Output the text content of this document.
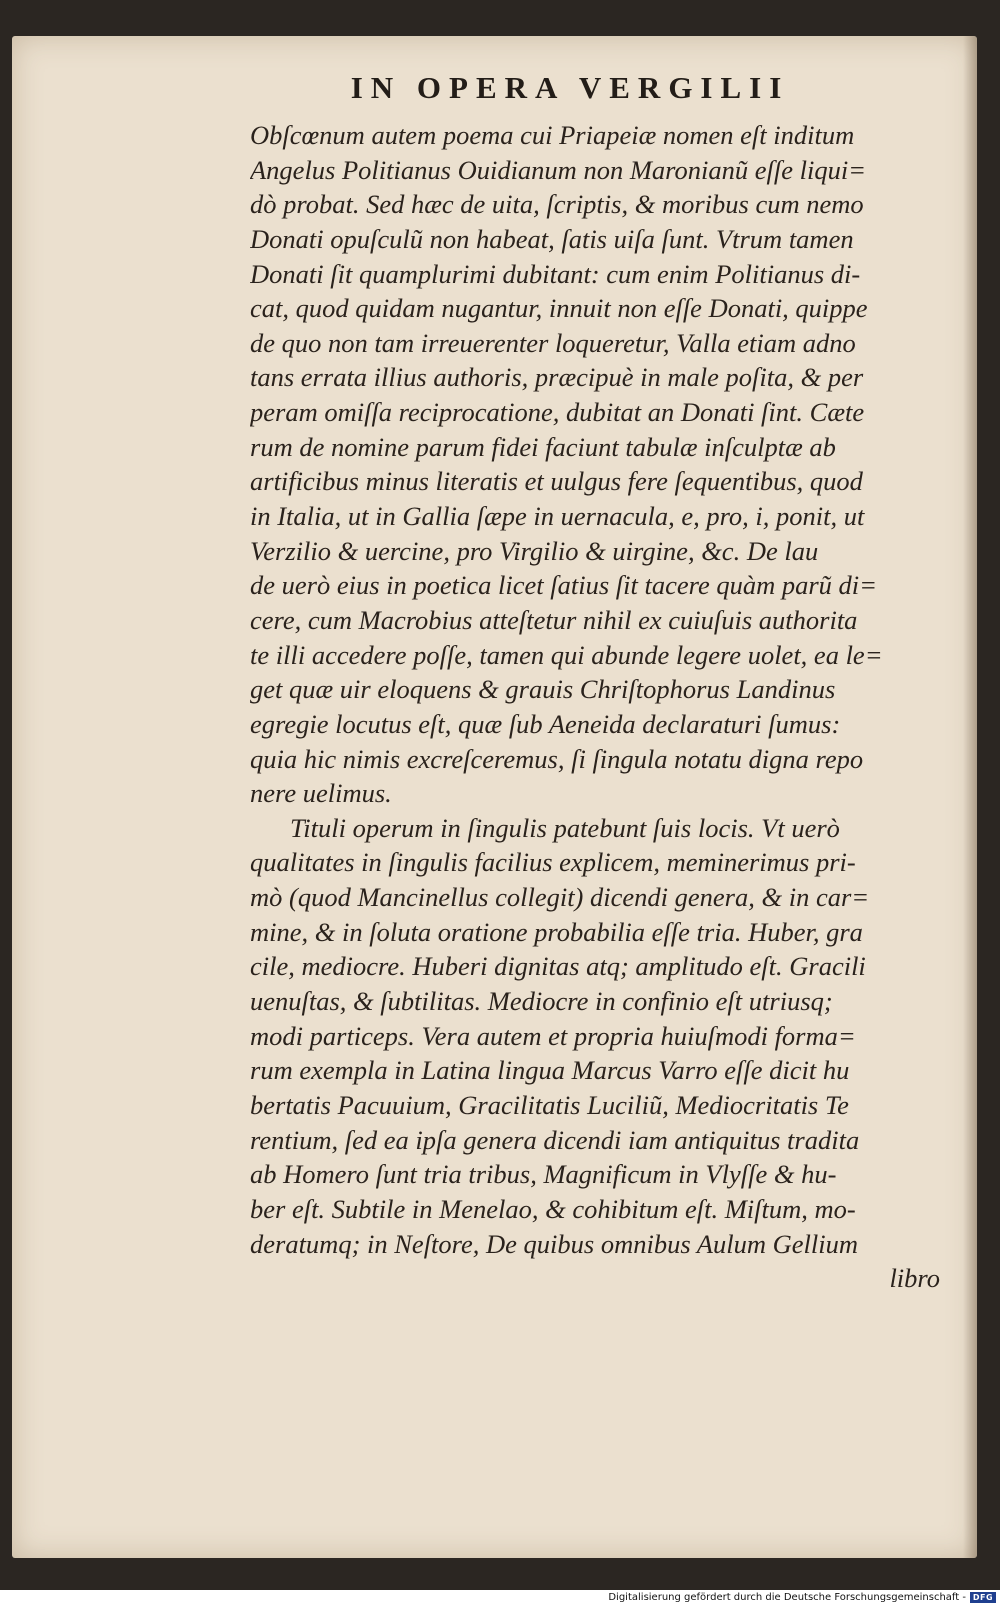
IN OPERA VERGILII
Obſcœnum autem poema cui Priapeiæ nomen eſt inditum
Angelus Politianus Ouidianum non Maronianũ eſſe liqui=
dò probat. Sed hæc de uita, ſcriptis, & moribus cum nemo
Donati opuſculũ non habeat, ſatis uiſa ſunt. Vtrum tamen
Donati ſit quamplurimi dubitant: cum enim Politianus di-
cat, quod quidam nugantur, innuit non eſſe Donati, quippe
de quo non tam irreuerenter loqueretur, Valla etiam adno
tans errata illius authoris, præcipuè in male poſita, & per
peram omiſſa reciprocatione, dubitat an Donati ſint. Cæte
rum de nomine parum fidei faciunt tabulæ inſculptæ ab
artificibus minus literatis et uulgus fere ſequentibus, quod
in Italia, ut in Gallia ſæpe in uernacula, e, pro, i, ponit, ut
Verzilio & uercine, pro Virgilio & uirgine, &c. De lau
de uerò eius in poetica licet ſatius ſit tacere quàm parũ di=
cere, cum Macrobius atteſtetur nihil ex cuiuſuis authorita
te illi accedere poſſe, tamen qui abunde legere uolet, ea le=
get quæ uir eloquens & grauis Chriſtophorus Landinus
egregie locutus eſt, quæ ſub Aeneida declaraturi ſumus:
quia hic nimis excreſceremus, ſi ſingula notatu digna repo
nere uelimus.
Tituli operum in ſingulis patebunt ſuis locis. Vt uerò
qualitates in ſingulis facilius explicem, meminerimus pri-
mò (quod Mancinellus collegit) dicendi genera, & in car=
mine, & in ſoluta oratione probabilia eſſe tria. Huber, gra
cile, mediocre. Huberi dignitas atq; amplitudo eſt. Gracili
uenuſtas, & ſubtilitas. Mediocre in confinio eſt utriusq;
modi particeps. Vera autem et propria huiuſmodi forma=
rum exempla in Latina lingua Marcus Varro eſſe dicit hu
bertatis Pacuuium, Gracilitatis Luciliũ, Mediocritatis Te
rentium, ſed ea ipſa genera dicendi iam antiquitus tradita
ab Homero ſunt tria tribus, Magnificum in Vlyſſe & hu-
ber eſt. Subtile in Menelao, & cohibitum eſt. Miſtum, mo-
deratumq; in Neſtore, De quibus omnibus Aulum Gellium
libro
Digitalisierung gefördert durch die Deutsche Forschungsgemeinschaft - DFG
